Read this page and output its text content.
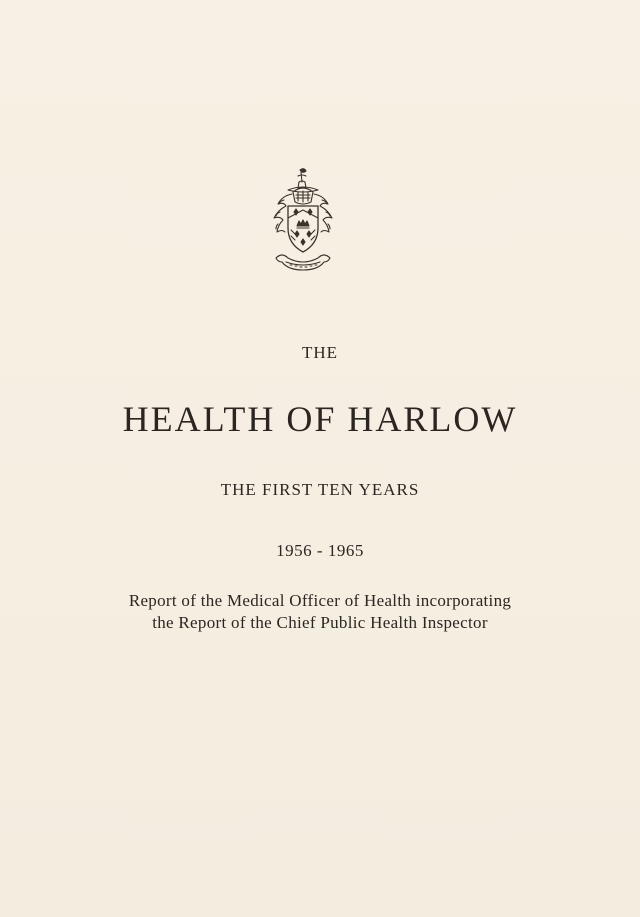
THE
HEALTH OF HARLOW
THE FIRST TEN YEARS
1956 - 1965
Report of the Medical Officer of Health incorporating
the Report of the Chief Public Health Inspector
